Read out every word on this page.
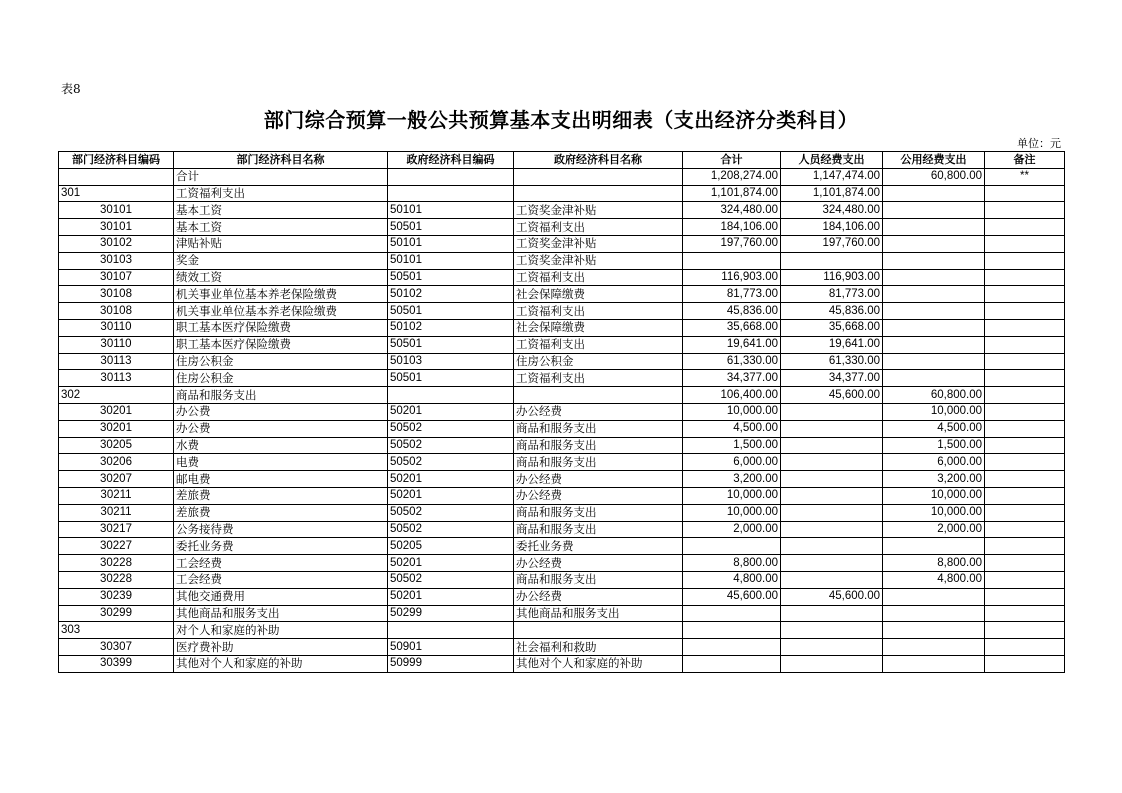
表8
部门综合预算一般公共预算基本支出明细表（支出经济分类科目）
单位：元
部门经济科目编码	部门经济科目名称	政府经济科目编码	政府经济科目名称	合计	人员经费支出	公用经费支出	备注
	合计			1,208,274.00	1,147,474.00	60,800.00	**
301	工资福利支出			1,101,874.00	1,101,874.00		
30101	基本工资	50101	工资奖金津补贴	324,480.00	324,480.00		
30101	基本工资	50501	工资福利支出	184,106.00	184,106.00		
30102	津贴补贴	50101	工资奖金津补贴	197,760.00	197,760.00		
30103	奖金	50101	工资奖金津补贴				
30107	绩效工资	50501	工资福利支出	116,903.00	116,903.00		
30108	机关事业单位基本养老保险缴费	50102	社会保障缴费	81,773.00	81,773.00		
30108	机关事业单位基本养老保险缴费	50501	工资福利支出	45,836.00	45,836.00		
30110	职工基本医疗保险缴费	50102	社会保障缴费	35,668.00	35,668.00		
30110	职工基本医疗保险缴费	50501	工资福利支出	19,641.00	19,641.00		
30113	住房公积金	50103	住房公积金	61,330.00	61,330.00		
30113	住房公积金	50501	工资福利支出	34,377.00	34,377.00		
302	商品和服务支出			106,400.00	45,600.00	60,800.00	
30201	办公费	50201	办公经费	10,000.00		10,000.00	
30201	办公费	50502	商品和服务支出	4,500.00		4,500.00	
30205	水费	50502	商品和服务支出	1,500.00		1,500.00	
30206	电费	50502	商品和服务支出	6,000.00		6,000.00	
30207	邮电费	50201	办公经费	3,200.00		3,200.00	
30211	差旅费	50201	办公经费	10,000.00		10,000.00	
30211	差旅费	50502	商品和服务支出	10,000.00		10,000.00	
30217	公务接待费	50502	商品和服务支出	2,000.00		2,000.00	
30227	委托业务费	50205	委托业务费				
30228	工会经费	50201	办公经费	8,800.00		8,800.00	
30228	工会经费	50502	商品和服务支出	4,800.00		4,800.00	
30239	其他交通费用	50201	办公经费	45,600.00	45,600.00		
30299	其他商品和服务支出	50299	其他商品和服务支出				
303	对个人和家庭的补助						
30307	医疗费补助	50901	社会福利和救助				
30399	其他对个人和家庭的补助	50999	其他对个人和家庭的补助				
